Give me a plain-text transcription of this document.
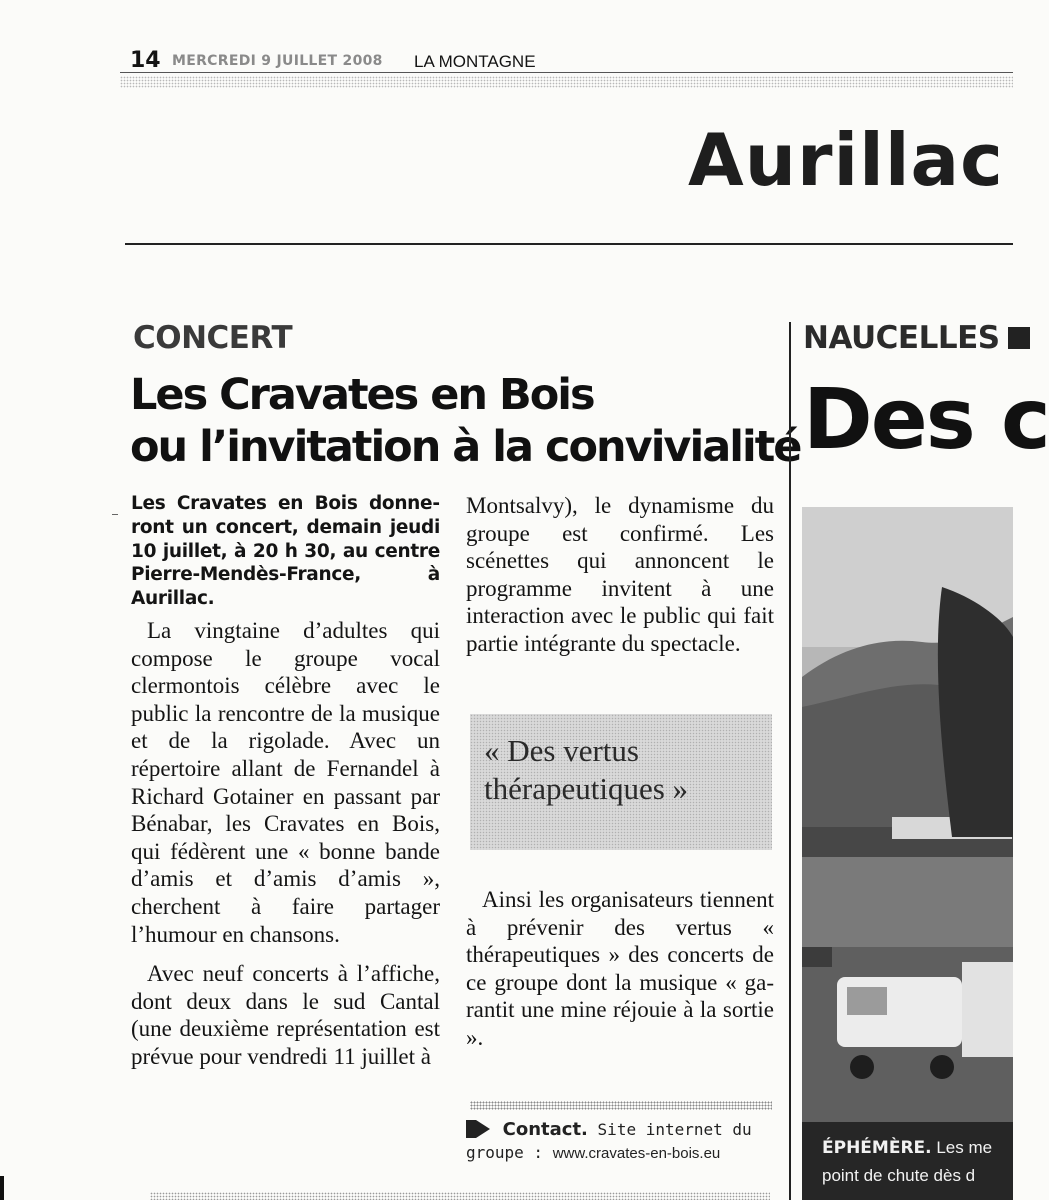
14 MERCREDI 9 JUILLET 2008 LA MONTAGNE
Aurillac
CONCERT
Les Cravates en Bois
ou l’invitation à la convivialité

Les Cravates en Bois donneront un concert, demain jeudi 10 juillet, à 20 h 30, au centre Pierre-Mendès-France, à Aurillac.

La vingtaine d’adultes qui compose le groupe vocal clermontois célèbre avec le public la rencontre de la musique et de la rigolade. Avec un répertoire allant de Fernandel à Richard Gotainer en passant par Bénabar, les Cravates en Bois, qui fédèrent une « bonne bande d’amis et d’amis d’amis », cherchent à faire partager l’humour en chansons.

Avec neuf concerts à l’affiche, dont deux dans le sud Cantal (une deuxième représentation est prévue pour vendredi 11 juillet à

Montsalvy), le dynamisme du groupe est confirmé. Les scénettes qui annoncent le programme invitent à une interaction avec le public qui fait partie intégrante du spectacle.

« Des vertus thérapeutiques »

Ainsi les organisateurs tiennent à prévenir des vertus « thérapeutiques » des concerts de ce groupe dont la musique « garantit une mine réjouie à la sortie ».

Contact. Site internet du groupe : www.cravates-en-bois.eu
NAUCELLES
Des c
ÉPHÉMÈRE. Les me
point de chute dès d
